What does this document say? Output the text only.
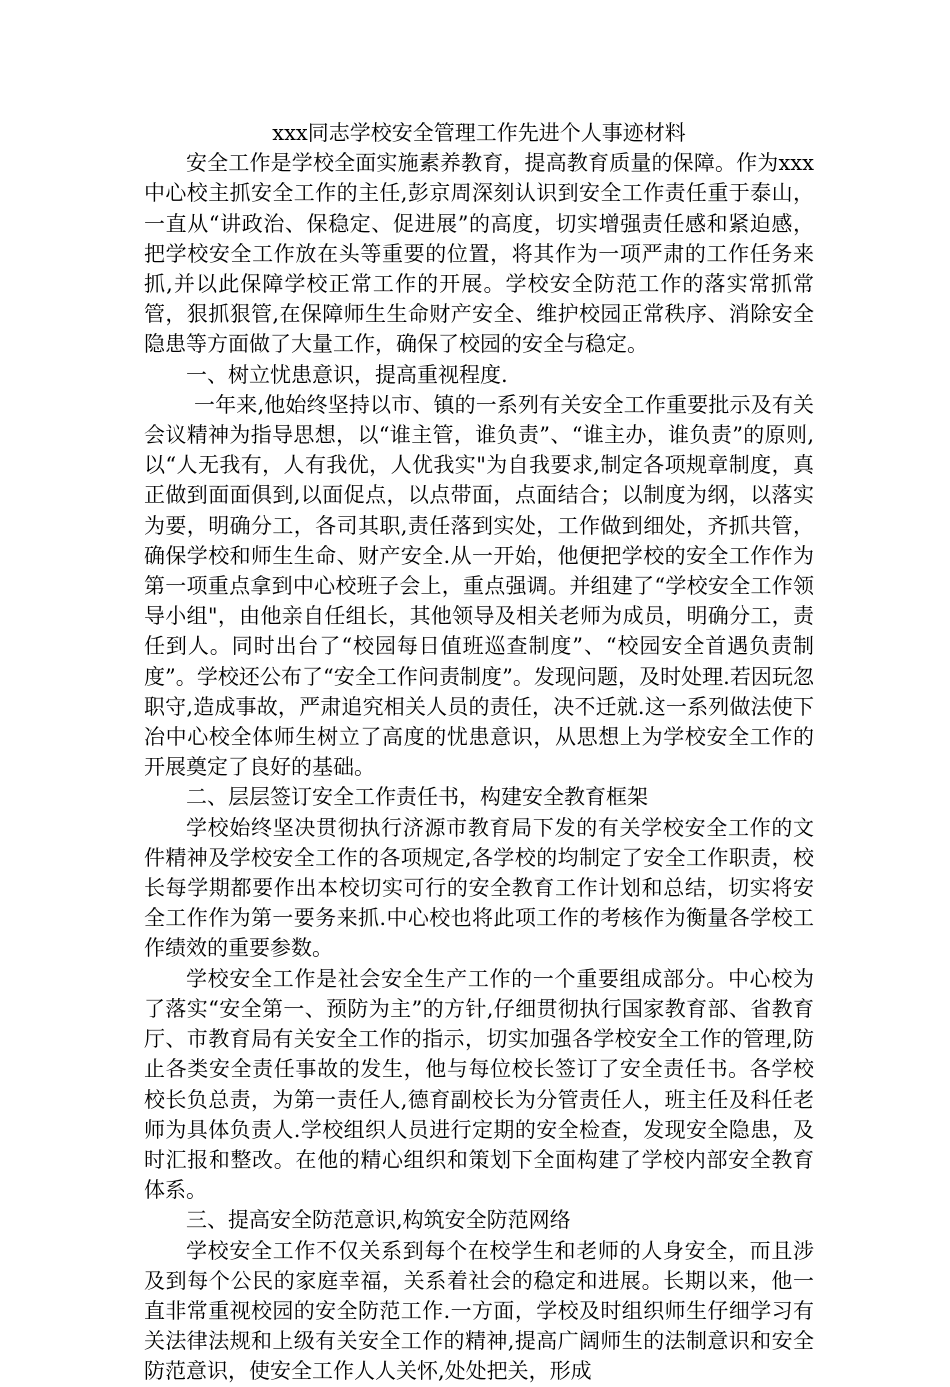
xxx同志学校安全管理工作先进个人事迹材料

安全工作是学校全面实施素养教育，提高教育质量的保障。作为xxx中心校主抓安全工作的主任,彭京周深刻认识到安全工作责任重于泰山，一直从“讲政治、保稳定、促进展”的高度，切实增强责任感和紧迫感，把学校安全工作放在头等重要的位置，将其作为一项严肃的工作任务来抓,并以此保障学校正常工作的开展。学校安全防范工作的落实常抓常管，狠抓狠管,在保障师生生命财产安全、维护校园正常秩序、消除安全隐患等方面做了大量工作，确保了校园的安全与稳定。

一、树立忧患意识，提高重视程度.

一年来,他始终坚持以市、镇的一系列有关安全工作重要批示及有关会议精神为指导思想，以“谁主管，谁负责”、“谁主办，谁负责”的原则,以“人无我有，人有我优，人优我实"为自我要求,制定各项规章制度，真正做到面面俱到,以面促点，以点带面，点面结合；以制度为纲，以落实为要，明确分工，各司其职,责任落到实处，工作做到细处，齐抓共管，确保学校和师生生命、财产安全.从一开始，他便把学校的安全工作作为第一项重点拿到中心校班子会上，重点强调。并组建了“学校安全工作领导小组"，由他亲自任组长，其他领导及相关老师为成员，明确分工，责任到人。同时出台了“校园每日值班巡查制度”、“校园安全首遇负责制度”。学校还公布了“安全工作问责制度”。发现问题，及时处理.若因玩忽职守,造成事故，严肃追究相关人员的责任，决不迁就.这一系列做法使下冶中心校全体师生树立了高度的忧患意识，从思想上为学校安全工作的开展奠定了良好的基础。

二、层层签订安全工作责任书，构建安全教育框架

学校始终坚决贯彻执行济源市教育局下发的有关学校安全工作的文件精神及学校安全工作的各项规定,各学校的均制定了安全工作职责，校长每学期都要作出本校切实可行的安全教育工作计划和总结，切实将安全工作作为第一要务来抓.中心校也将此项工作的考核作为衡量各学校工作绩效的重要参数。

学校安全工作是社会安全生产工作的一个重要组成部分。中心校为了落实“安全第一、预防为主”的方针,仔细贯彻执行国家教育部、省教育厅、市教育局有关安全工作的指示，切实加强各学校安全工作的管理,防止各类安全责任事故的发生，他与每位校长签订了安全责任书。各学校校长负总责，为第一责任人,德育副校长为分管责任人，班主任及科任老师为具体负责人.学校组织人员进行定期的安全检查，发现安全隐患，及时汇报和整改。在他的精心组织和策划下全面构建了学校内部安全教育体系。

三、提高安全防范意识,构筑安全防范网络

学校安全工作不仅关系到每个在校学生和老师的人身安全，而且涉及到每个公民的家庭幸福，关系着社会的稳定和进展。长期以来，他一直非常重视校园的安全防范工作.一方面，学校及时组织师生仔细学习有关法律法规和上级有关安全工作的精神,提高广阔师生的法制意识和安全防范意识，使安全工作人人关怀,处处把关，形成
